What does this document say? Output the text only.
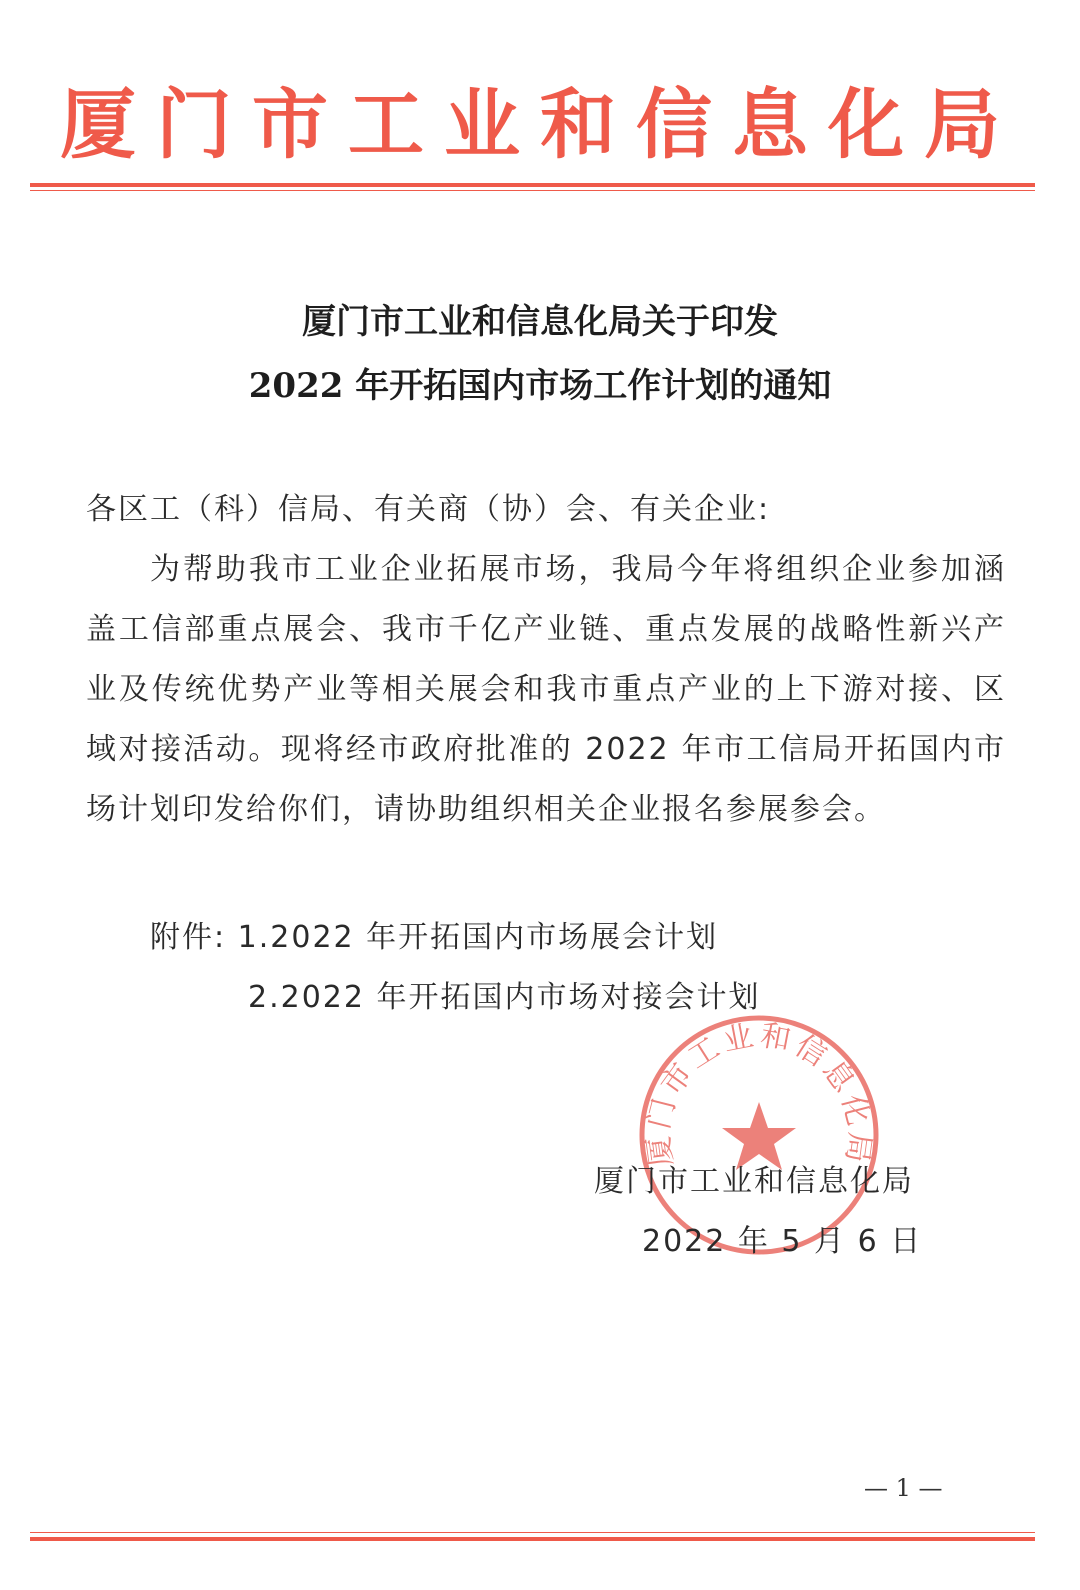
厦门市工业和信息化局
厦门市工业和信息化局关于印发
2022 年开拓国内市场工作计划的通知
各区工（科）信局、有关商（协）会、有关企业:
为帮助我市工业企业拓展市场，我局今年将组织企业参加涵盖工信部重点展会、我市千亿产业链、重点发展的战略性新兴产业及传统优势产业等相关展会和我市重点产业的上下游对接、区域对接活动。现将经市政府批准的 2022 年市工信局开拓国内市场计划印发给你们，请协助组织相关企业报名参展参会。
附件: 1.2022 年开拓国内市场展会计划
2.2022 年开拓国内市场对接会计划
厦门市工业和信息化局
厦门市工业和信息化局
2022 年 5 月 6 日
— 1 —
